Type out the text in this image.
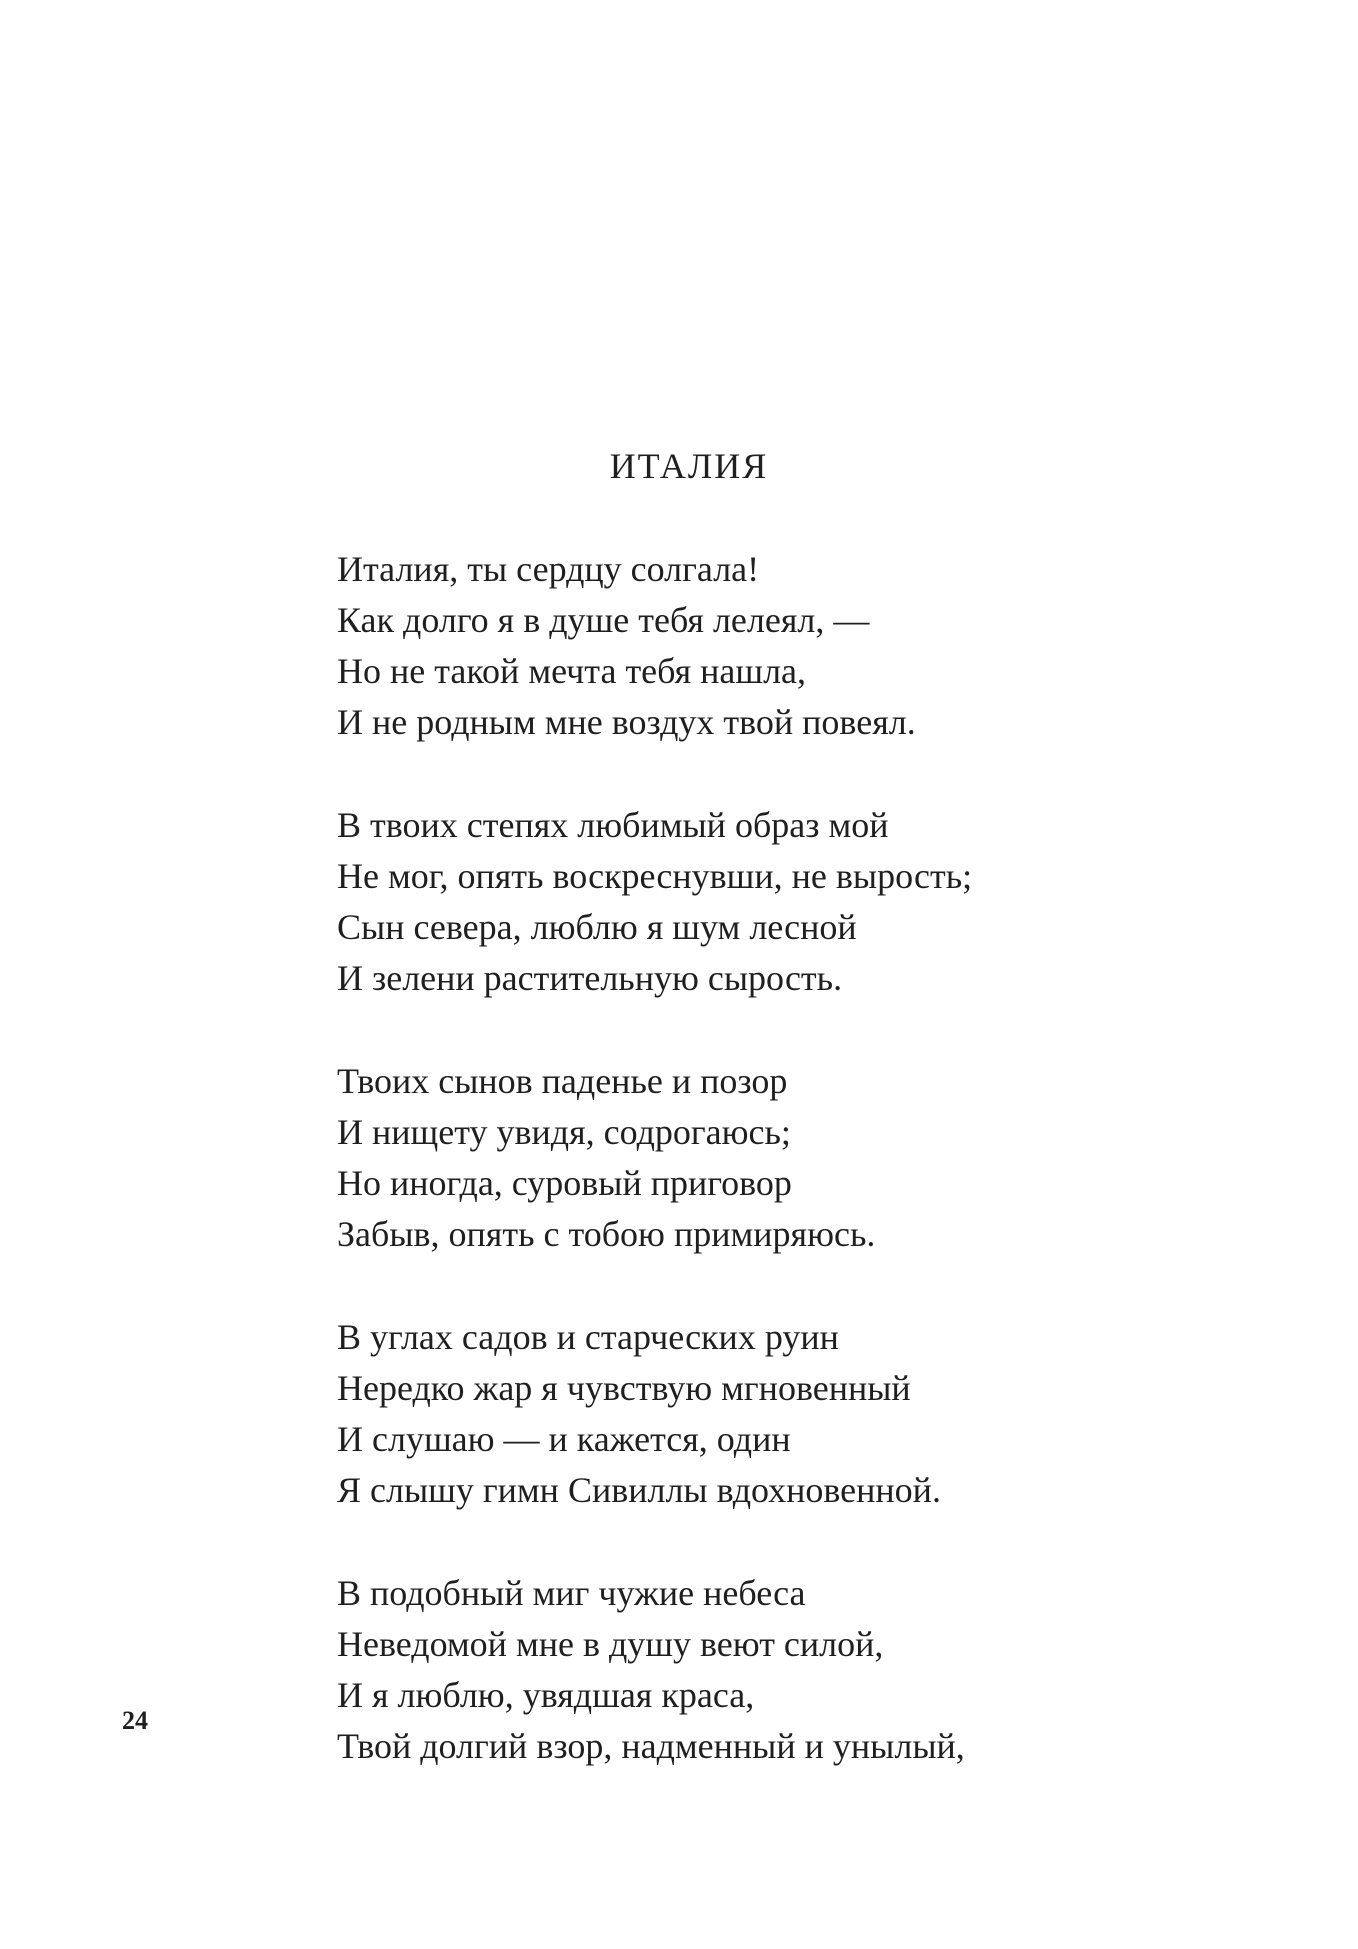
ИТАЛИЯ
Италия, ты сердцу солгала!
Как долго я в душе тебя лелеял, —
Но не такой мечта тебя нашла,
И не родным мне воздух твой повеял.
В твоих степях любимый образ мой
Не мог, опять воскреснувши, не вырость;
Сын севера, люблю я шум лесной
И зелени растительную сырость.
Твоих сынов паденье и позор
И нищету увидя, содрогаюсь;
Но иногда, суровый приговор
Забыв, опять с тобою примиряюсь.
В углах садов и старческих руин
Нередко жар я чувствую мгновенный
И слушаю — и кажется, один
Я слышу гимн Сивиллы вдохновенной.
В подобный миг чужие небеса
Неведомой мне в душу веют силой,
И я люблю, увядшая краса,
Твой долгий взор, надменный и унылый,
24
